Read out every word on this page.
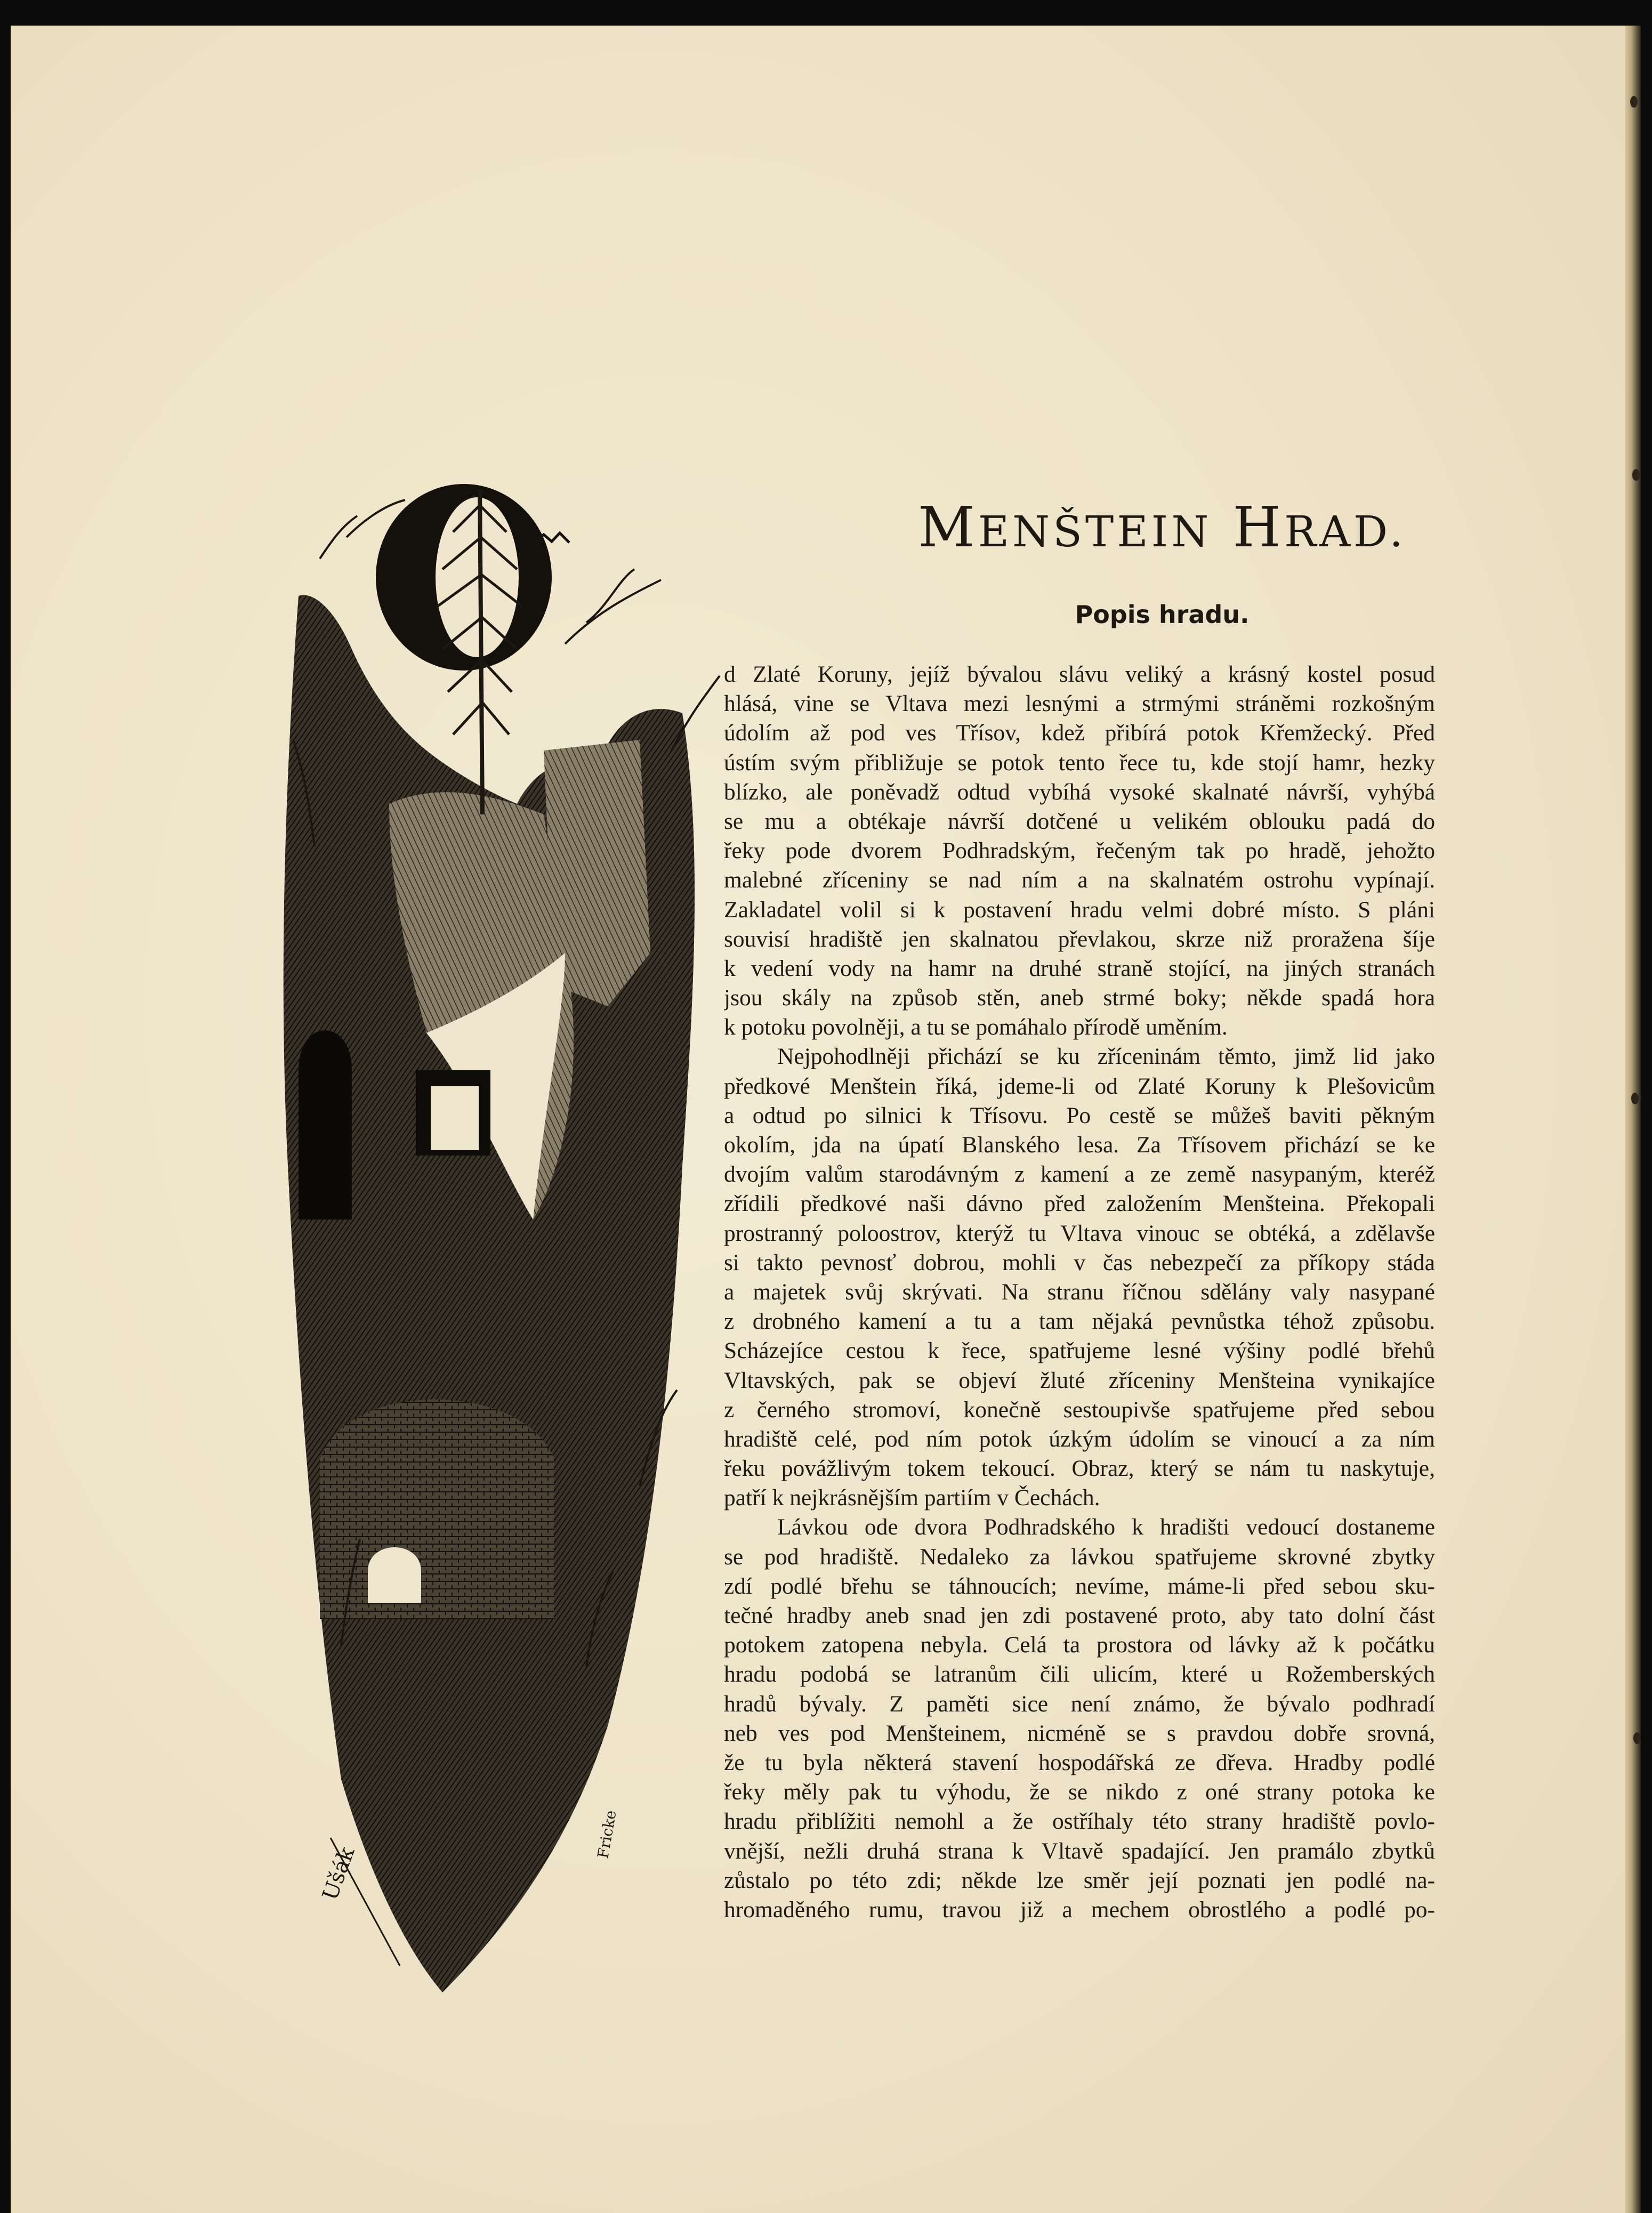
Ušák
Fricke
MENŠTEIN HRAD.
Popis hradu.
d Zlaté Koruny, jejíž bývalou slávu veliký a krásný kostel posud
hlásá, vine se Vltava mezi lesnými a strmými stráněmi rozkošným
údolím až pod ves Třísov, kdež přibírá potok Křemžecký. Před
ústím svým přibližuje se potok tento řece tu, kde stojí hamr, hezky
blízko, ale poněvadž odtud vybíhá vysoké skalnaté návrší, vyhýbá
se mu a obtékaje návrší dotčené u velikém oblouku padá do
řeky pode dvorem Podhradským, řečeným tak po hradě, jehožto
malebné zříceniny se nad ním a na skalnatém ostrohu vypínají.
Zakladatel volil si k postavení hradu velmi dobré místo. S pláni
souvisí hradiště jen skalnatou převlakou, skrze niž proražena šíje
k vedení vody na hamr na druhé straně stojící, na jiných stranách
jsou skály na způsob stěn, aneb strmé boky; někde spadá hora
k potoku povolněji, a tu se pomáhalo přírodě uměním.
Nejpohodlněji přichází se ku zříceninám těmto, jimž lid jako
předkové Menštein říká, jdeme-li od Zlaté Koruny k Plešovicům
a odtud po silnici k Třísovu. Po cestě se můžeš baviti pěkným
okolím, jda na úpatí Blanského lesa. Za Třísovem přichází se ke
dvojím valům starodávným z kamení a ze země nasypaným, kteréž
zřídili předkové naši dávno před založením Menšteina. Překopali
prostranný poloostrov, kterýž tu Vltava vinouc se obtéká, a zdělavše
si takto pevnosť dobrou, mohli v čas nebezpečí za příkopy stáda
a majetek svůj skrývati. Na stranu říčnou sdělány valy nasypané
z drobného kamení a tu a tam nějaká pevnůstka téhož způsobu.
Scházejíce cestou k řece, spatřujeme lesné výšiny podlé břehů
Vltavských, pak se objeví žluté zříceniny Menšteina vynikajíce
z černého stromoví, konečně sestoupivše spatřujeme před sebou
hradiště celé, pod ním potok úzkým údolím se vinoucí a za ním
řeku povážlivým tokem tekoucí. Obraz, který se nám tu naskytuje,
patří k nejkrásnějším partiím v Čechách.
Lávkou ode dvora Podhradského k hradišti vedoucí dostaneme
se pod hradiště. Nedaleko za lávkou spatřujeme skrovné zbytky
zdí podlé břehu se táhnoucích; nevíme, máme-li před sebou sku-
tečné hradby aneb snad jen zdi postavené proto, aby tato dolní část
potokem zatopena nebyla. Celá ta prostora od lávky až k počátku
hradu podobá se latranům čili ulicím, které u Rožemberských
hradů bývaly. Z paměti sice není známo, že bývalo podhradí
neb ves pod Menšteinem, nicméně se s pravdou dobře srovná,
že tu byla některá stavení hospodářská ze dřeva. Hradby podlé
řeky měly pak tu výhodu, že se nikdo z oné strany potoka ke
hradu přiblížiti nemohl a že ostříhaly této strany hradiště povlo-
vnější, nežli druhá strana k Vltavě spadající. Jen pramálo zbytků
zůstalo po této zdi; někde lze směr její poznati jen podlé na-
hromaděného rumu, travou již a mechem obrostlého a podlé po-
